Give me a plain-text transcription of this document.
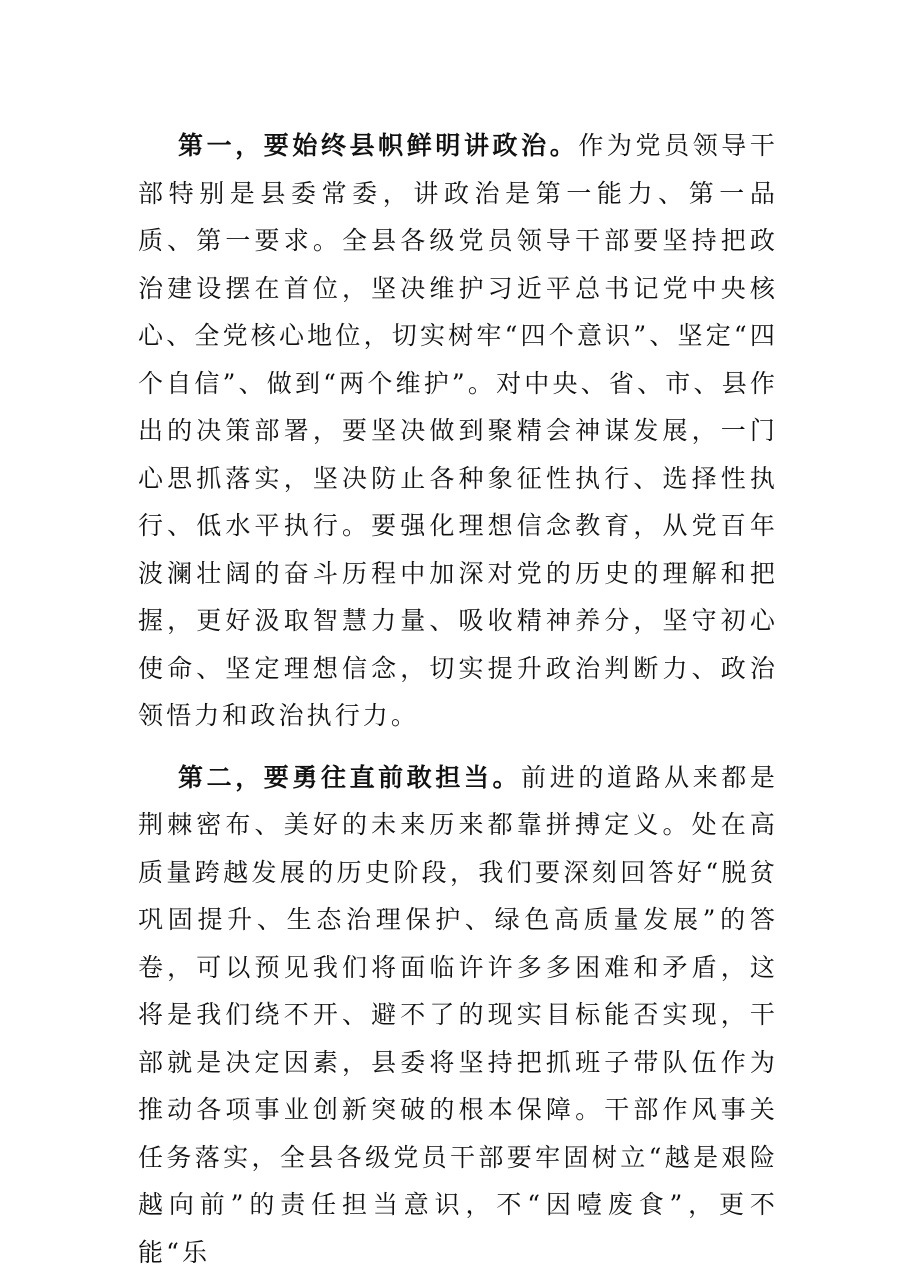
第一，要始终县帜鲜明讲政治。作为党员领导干部特别是县委常委，讲政治是第一能力、第一品质、第一要求。全县各级党员领导干部要坚持把政治建设摆在首位，坚决维护习近平总书记党中央核心、全党核心地位，切实树牢“四个意识”、坚定“四个自信”、做到“两个维护”。对中央、省、市、县作出的决策部署，要坚决做到聚精会神谋发展，一门心思抓落实，坚决防止各种象征性执行、选择性执行、低水平执行。要强化理想信念教育，从党百年波澜壮阔的奋斗历程中加深对党的历史的理解和把握，更好汲取智慧力量、吸收精神养分，坚守初心使命、坚定理想信念，切实提升政治判断力、政治领悟力和政治执行力。

第二，要勇往直前敢担当。前进的道路从来都是荆棘密布、美好的未来历来都靠拼搏定义。处在高质量跨越发展的历史阶段，我们要深刻回答好“脱贫巩固提升、生态治理保护、绿色高质量发展”的答卷，可以预见我们将面临许许多多困难和矛盾，这将是我们绕不开、避不了的现实目标能否实现，干部就是决定因素，县委将坚持把抓班子带队伍作为推动各项事业创新突破的根本保障。干部作风事关任务落实，全县各级党员干部要牢固树立“越是艰险越向前”的责任担当意识，不“因噎废食”，更不能“乐
